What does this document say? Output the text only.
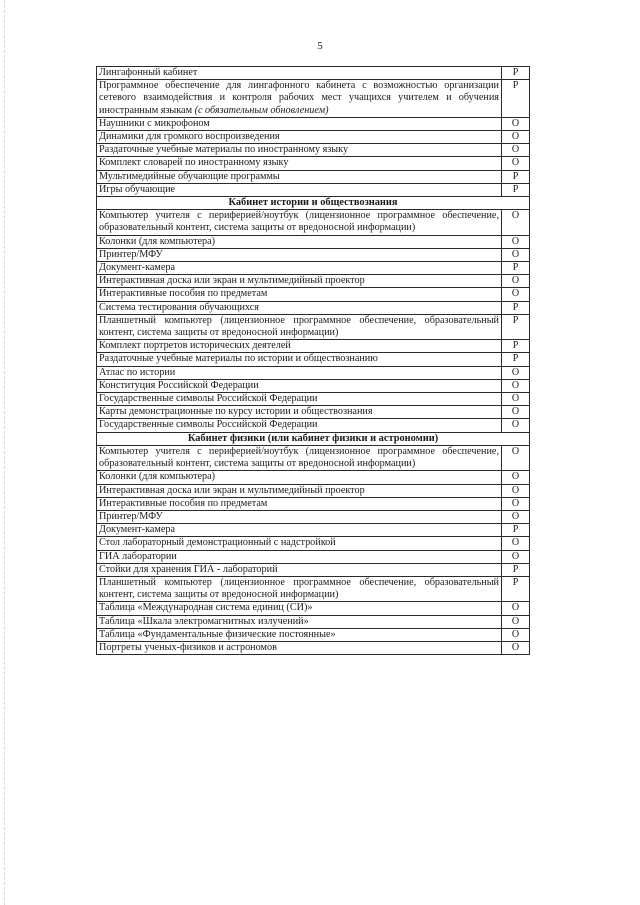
5
Лингафонный кабинет	Р
Программное обеспечение для лингафонного кабинета с возможностью организации сетевого взаимодействия и контроля рабочих мест учащихся учителем и обучения иностранным языкам (с обязательным обновлением)	Р
Наушники с микрофоном	О
Динамики для громкого воспроизведения	О
Раздаточные учебные материалы по иностранному языку	О
Комплект словарей по иностранному языку	О
Мультимедийные обучающие программы	Р
Игры обучающие	Р
Кабинет истории и обществознания	
Компьютер учителя с периферией/ноутбук (лицензионное программное обеспечение, образовательный контент, система защиты от вредоносной информации)	О
Колонки (для компьютера)	О
Принтер/МФУ	О
Документ-камера	Р
Интерактивная доска или экран и мультимедийный проектор	О
Интерактивные пособия по предметам	О
Система тестирования обучающихся	Р
Планшетный компьютер (лицензионное программное обеспечение, образовательный контент, система защиты от вредоносной информации)	Р
Комплект портретов исторических деятелей	Р
Раздаточные учебные материалы по истории и обществознанию	Р
Атлас по истории	О
Конституция Российской Федерации	О
Государственные символы Российской Федерации	О
Карты демонстрационные по курсу истории и обществознания	О
Государственные символы Российской Федерации	О
Кабинет физики (или кабинет физики и астрономии)	
Компьютер учителя с периферией/ноутбук (лицензионное программное обеспечение, образовательный контент, система защиты от вредоносной информации)	О
Колонки (для компьютера)	О
Интерактивная доска или экран и мультимедийный проектор	О
Интерактивные пособия по предметам	О
Принтер/МФУ	О
Документ-камера	Р
Стол лабораторный демонстрационный с надстройкой	О
ГИА лаборатории	О
Стойки для хранения ГИА - лабораторий	Р
Планшетный компьютер (лицензионное программное обеспечение, образовательный контент, система защиты от вредоносной информации)	Р
Таблица «Международная система единиц (СИ)»	О
Таблица «Шкала электромагнитных излучений»	О
Таблица «Фундаментальные физические постоянные»	О
Портреты ученых-физиков и астрономов	О
